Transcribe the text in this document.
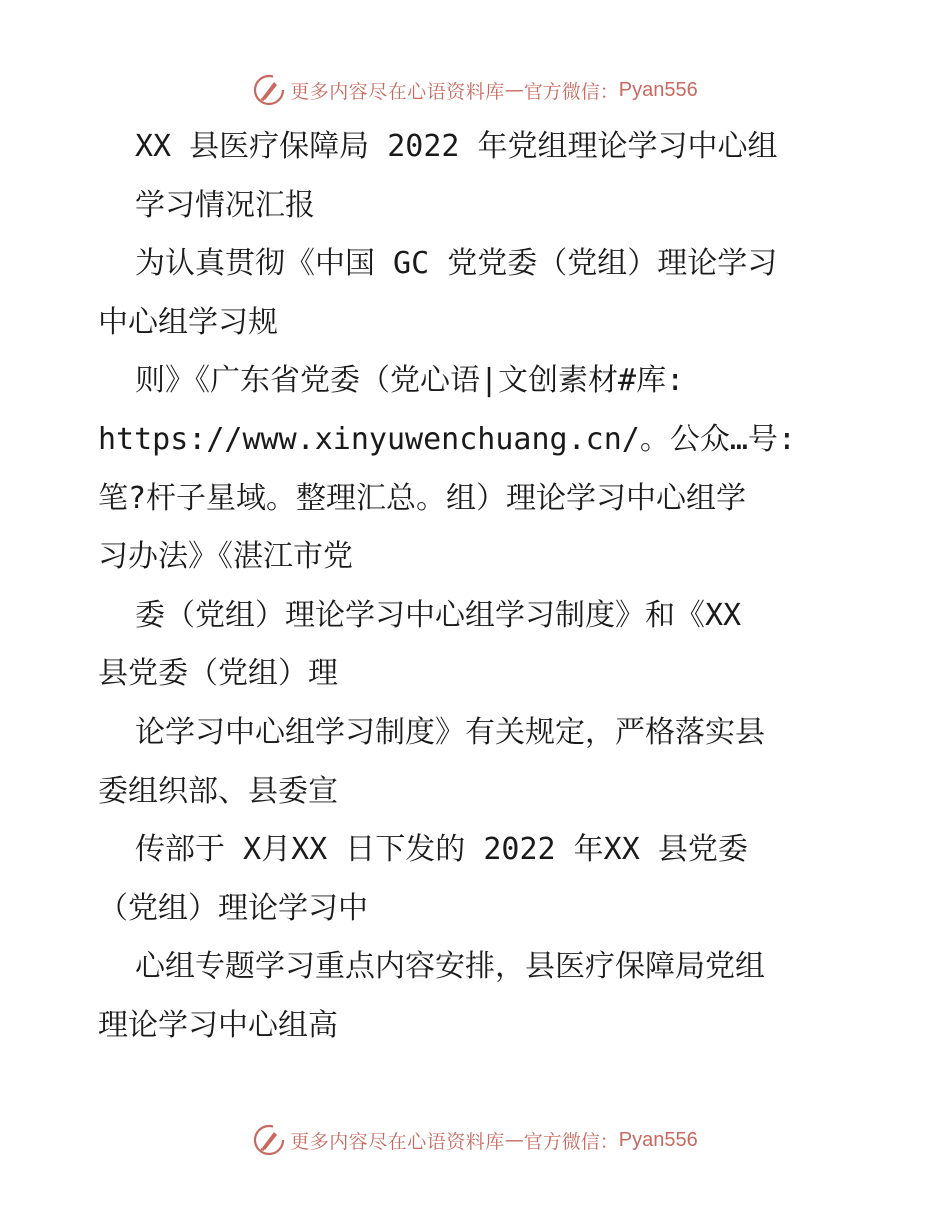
更多内容尽在心语资料库 — 官方微信： Pyan556
XX 县医疗保障局 2022 年党组理论学习中心组
学习情况汇报
为认真贯彻《中国 GC 党党委（党组）理论学习
中心组学习规
则》《广东省党委（党心语|文创素材#库:
https://www.xinyuwenchuang.cn/。公众…号:
笔?杆子星域。整理汇总。组）理论学习中心组学
习办法》《湛江市党
委（党组）理论学习中心组学习制度》和《XX
县党委（党组）理
论学习中心组学习制度》有关规定，严格落实县
委组织部、县委宣
传部于 X月XX 日下发的 2022 年XX 县党委
（党组）理论学习中
心组专题学习重点内容安排，县医疗保障局党组
理论学习中心组高
更多内容尽在心语资料库 — 官方微信： Pyan556
